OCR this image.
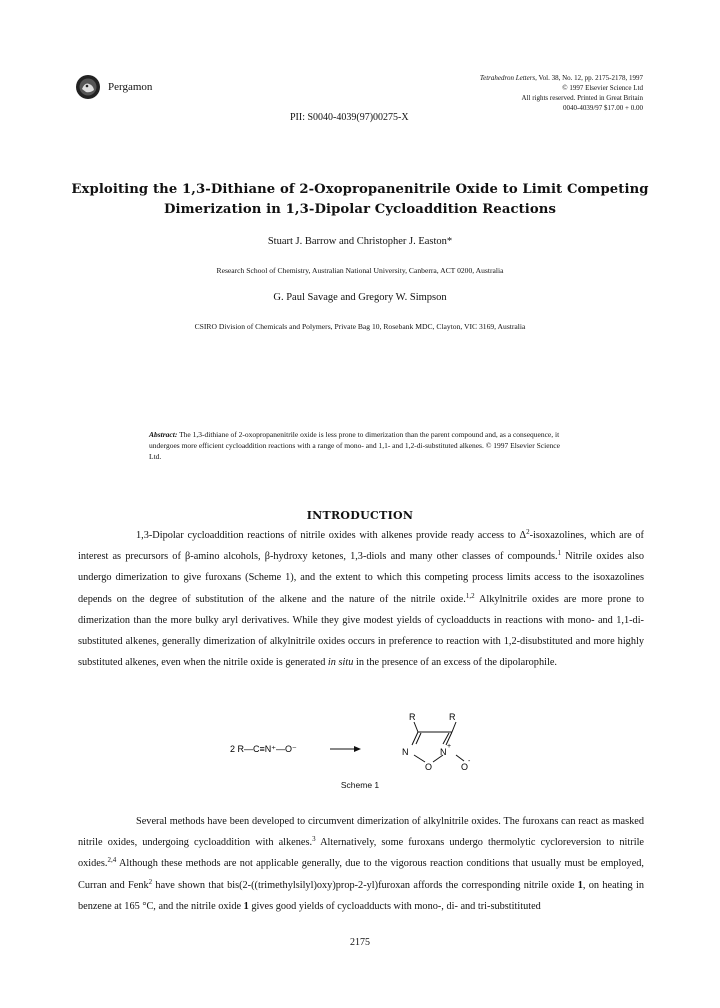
Pergamon
Tetrahedron Letters, Vol. 38, No. 12, pp. 2175-2178, 1997
© 1997 Elsevier Science Ltd
All rights reserved. Printed in Great Britain
0040-4039/97 $17.00 + 0.00
PII: S0040-4039(97)00275-X
Exploiting the 1,3-Dithiane of 2-Oxopropanenitrile Oxide to Limit Competing
Dimerization in 1,3-Dipolar Cycloaddition Reactions
Stuart J. Barrow and Christopher J. Easton*
Research School of Chemistry, Australian National University, Canberra, ACT 0200, Australia
G. Paul Savage and Gregory W. Simpson
CSIRO Division of Chemicals and Polymers, Private Bag 10, Rosebank MDC, Clayton, VIC 3169, Australia
Abstract: The 1,3-dithiane of 2-oxopropanenitrile oxide is less prone to dimerization than the parent compound and, as a consequence, it undergoes more efficient cycloaddition reactions with a range of mono- and 1,1- and 1,2-di-substituted alkenes. © 1997 Elsevier Science Ltd.
INTRODUCTION
1,3-Dipolar cycloaddition reactions of nitrile oxides with alkenes provide ready access to $\Delta^2$-isoxazolines, which are of interest as precursors of β-amino alcohols, β-hydroxy ketones, 1,3-diols and many other classes of compounds.$^1$ Nitrile oxides also undergo dimerization to give furoxans (Scheme 1), and the extent to which this competing process limits access to the isoxazolines depends on the degree of substitution of the alkene and the nature of the nitrile oxide.$^{1,2}$ Alkylnitrile oxides are more prone to dimerization than the more bulky aryl derivatives. While they give modest yields of cycloadducts in reactions with mono- and 1,1-di-substituted alkenes, generally dimerization of alkylnitrile oxides occurs in preference to reaction with 1,2-disubstituted and more highly substituted alkenes, even when the nitrile oxide is generated in situ in the presence of an excess of the dipolarophile.
2 R—C≡N⁺—O⁻
R	R
N
O
N
+
O
-
Scheme 1
Several methods have been developed to circumvent dimerization of alkylnitrile oxides. The furoxans can react as masked nitrile oxides, undergoing cycloaddition with alkenes.$^3$ Alternatively, some furoxans undergo thermolytic cycloreversion to nitrile oxides.$^{2,4}$ Although these methods are not applicable generally, due to the vigorous reaction conditions that usually must be employed, Curran and Fenk$^2$ have shown that bis(2-((trimethylsilyl)oxy)prop-2-yl)furoxan affords the corresponding nitrile oxide 1, on heating in benzene at 165 °C, and the nitrile oxide 1 gives good yields of cycloadducts with mono-, di- and tri-substitituted
2175
